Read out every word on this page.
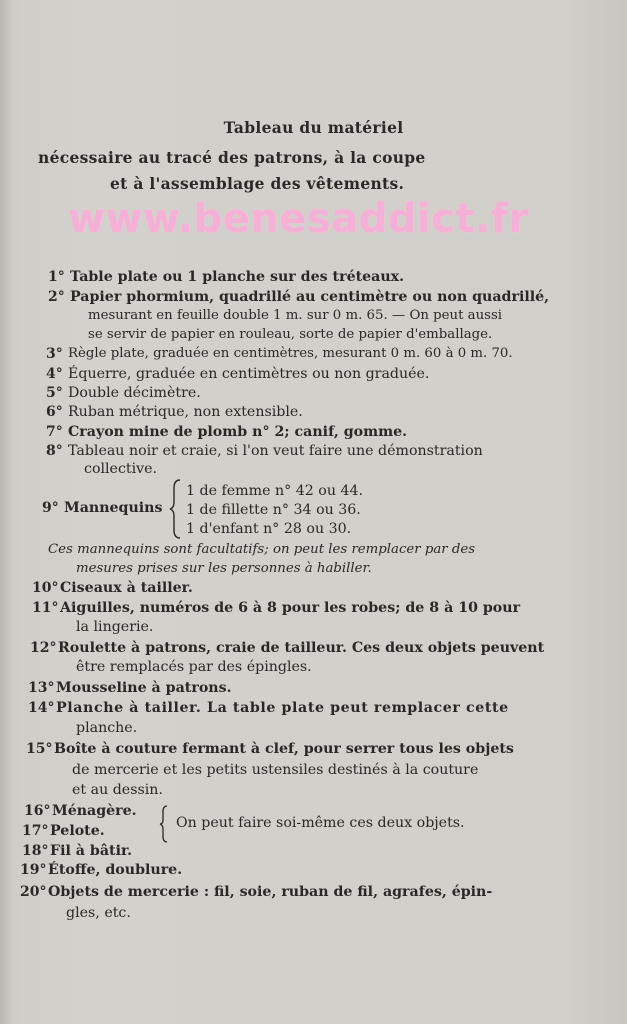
Tableau du matériel
nécessaire au tracé des patrons, à la coupe
et à l'assemblage des vêtements.
www.benesaddict.fr
1° Table plate ou 1 planche sur des tréteaux.
2° Papier phormium, quadrillé au centimètre ou non quadrillé,
mesurant en feuille double 1 m. sur 0 m. 65. — On peut aussi
se servir de papier en rouleau, sorte de papier d'emballage.
3° Règle plate, graduée en centimètres, mesurant 0 m. 60 à 0 m. 70.
4° Équerre, graduée en centimètres ou non graduée.
5° Double décimètre.
6° Ruban métrique, non extensible.
7° Crayon mine de plomb n° 2; canif, gomme.
8° Tableau noir et craie, si l'on veut faire une démonstration
collective.
9° Mannequins
1 de femme n° 42 ou 44.
1 de fillette n° 34 ou 36.
1 d'enfant n° 28 ou 30.
Ces mannequins sont facultatifs; on peut les remplacer par des
mesures prises sur les personnes à habiller.
10° Ciseaux à tailler.
11° Aiguilles, numéros de 6 à 8 pour les robes; de 8 à 10 pour
la lingerie.
12° Roulette à patrons, craie de tailleur. Ces deux objets peuvent
être remplacés par des épingles.
13° Mousseline à patrons.
14° Planche à tailler. La table plate peut remplacer cette
planche.
15° Boîte à couture fermant à clef, pour serrer tous les objets
de mercerie et les petits ustensiles destinés à la couture
et au dessin.
16° Ménagère.
17° Pelote.	On peut faire soi-même ces deux objets.
18° Fil à bâtir.
19° Étoffe, doublure.
20° Objets de mercerie : fil, soie, ruban de fil, agrafes, épin-
gles, etc.
